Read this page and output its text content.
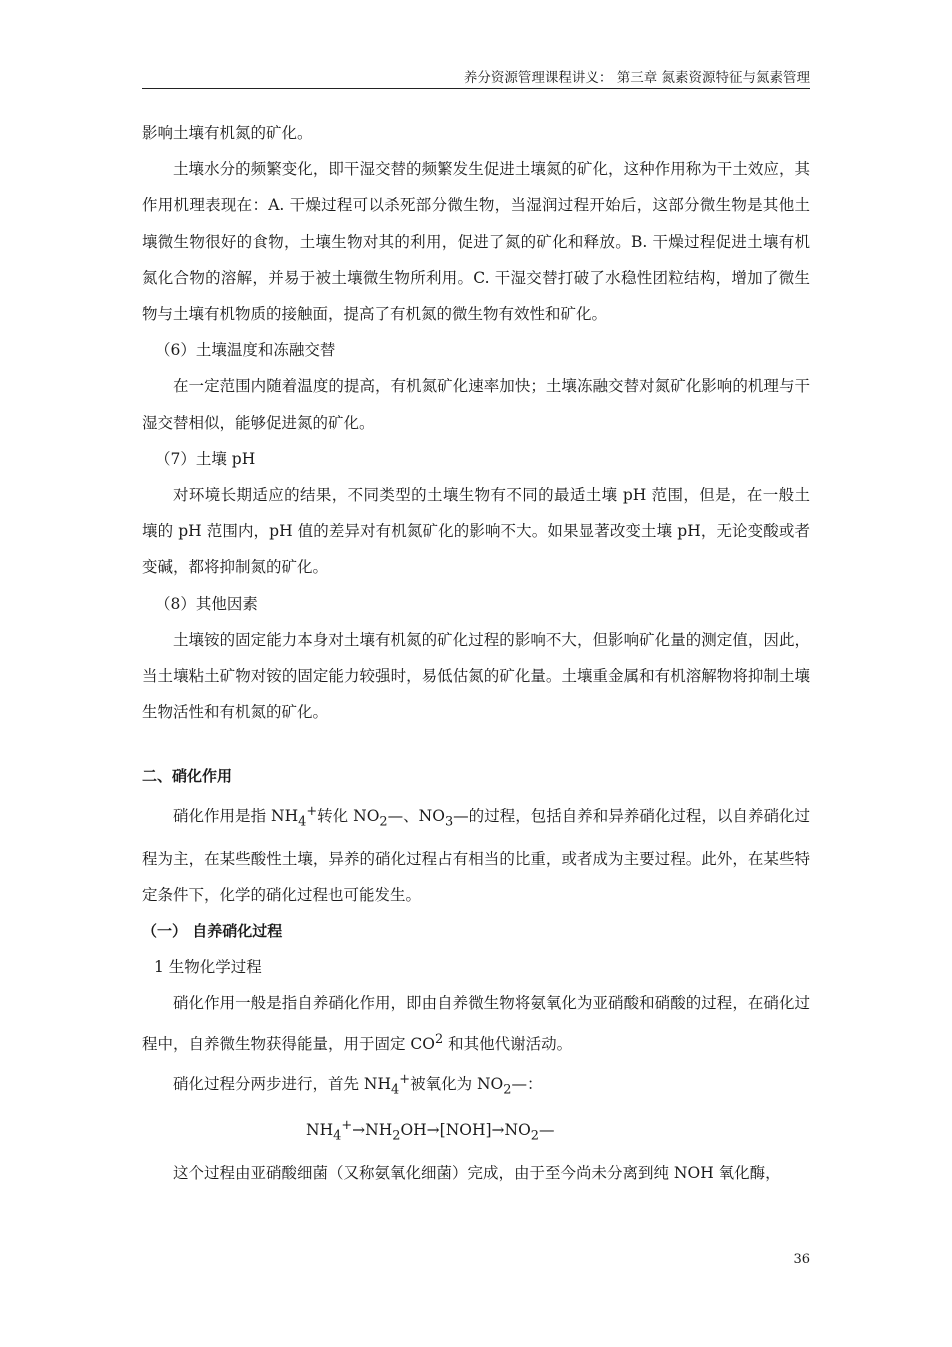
养分资源管理课程讲义： 第三章 氮素资源特征与氮素管理

影响土壤有机氮的矿化。

土壤水分的频繁变化，即干湿交替的频繁发生促进土壤氮的矿化，这种作用称为干土效应，其作用机理表现在：A. 干燥过程可以杀死部分微生物，当湿润过程开始后，这部分微生物是其他土壤微生物很好的食物，土壤生物对其的利用，促进了氮的矿化和释放。B. 干燥过程促进土壤有机氮化合物的溶解，并易于被土壤微生物所利用。C. 干湿交替打破了水稳性团粒结构，增加了微生物与土壤有机物质的接触面，提高了有机氮的微生物有效性和矿化。

（6）土壤温度和冻融交替

在一定范围内随着温度的提高，有机氮矿化速率加快；土壤冻融交替对氮矿化影响的机理与干湿交替相似，能够促进氮的矿化。

（7）土壤 pH

对环境长期适应的结果，不同类型的土壤生物有不同的最适土壤 pH 范围，但是，在一般土壤的 pH 范围内，pH 值的差异对有机氮矿化的影响不大。如果显著改变土壤 pH，无论变酸或者变碱，都将抑制氮的矿化。

（8）其他因素

土壤铵的固定能力本身对土壤有机氮的矿化过程的影响不大，但影响矿化量的测定值，因此，当土壤粘土矿物对铵的固定能力较强时，易低估氮的矿化量。土壤重金属和有机溶解物将抑制土壤生物活性和有机氮的矿化。

二、硝化作用

硝化作用是指 $NH_4^+$转化 $NO_2—$、$NO_3—$的过程，包括自养和异养硝化过程，以自养硝化过程为主，在某些酸性土壤，异养的硝化过程占有相当的比重，或者成为主要过程。此外，在某些特定条件下，化学的硝化过程也可能发生。

（一） 自养硝化过程

1 生物化学过程

硝化作用一般是指自养硝化作用，即由自养微生物将氨氧化为亚硝酸和硝酸的过程，在硝化过程中，自养微生物获得能量，用于固定 $CO^2$ 和其他代谢活动。

硝化过程分两步进行，首先 $NH_4^+$被氧化为 $NO_2—$：

$NH_4^+\to NH_2OH\to[NOH]\to NO_2—$

这个过程由亚硝酸细菌（又称氨氧化细菌）完成，由于至今尚未分离到纯 NOH 氧化酶，

36
